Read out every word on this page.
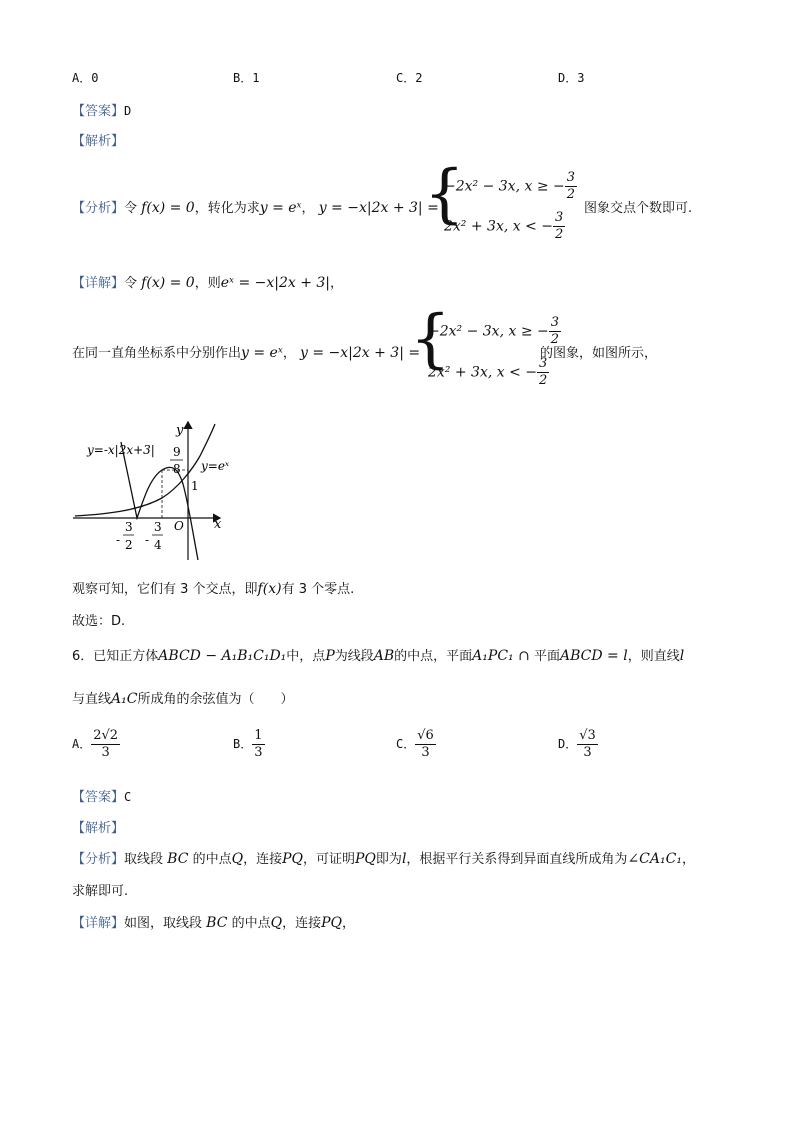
A．0	B．1	C．2	D．3
【答案】D
【解析】
【分析】令 f(x) = 0，转化为求y = eˣ， y = −x|2x + 3| =
{
−2x² − 3x, x ≥ − $\frac{3}{2}$
2x² + 3x, x < − $\frac{3}{2}$
图象交点个数即可.
【详解】令 f(x) = 0，则eˣ = −x|2x + 3|，
在同一直角坐标系中分别作出y = eˣ， y = −x|2x + 3| =
{
−2x² − 3x, x ≥ − $\frac{3}{2}$
2x² + 3x, x < − $\frac{3}{2}$
的图象，如图所示，
y=-x|2x+3|
y=eˣ
y
x
O
1
9
8
-
3
2 -
3
4
观察可知，它们有 3 个交点，即f(x)有 3 个零点.
故选：D.
6．已知正方体ABCD − A₁B₁C₁D₁中，点P为线段AB的中点，平面A₁PC₁ ∩ 平面ABCD = l，则直线l
与直线A₁C所成角的余弦值为（　　）
A． $\frac{2√2}{3}$	B． $\frac{1}{3}$	C． $\frac{√6}{3}$	D． $\frac{√3}{3}$
【答案】C
【解析】
【分析】取线段 BC 的中点Q，连接PQ，可证明PQ即为l，根据平行关系得到异面直线所成角为∠CA₁C₁，
求解即可.
【详解】如图，取线段 BC 的中点Q，连接PQ，
